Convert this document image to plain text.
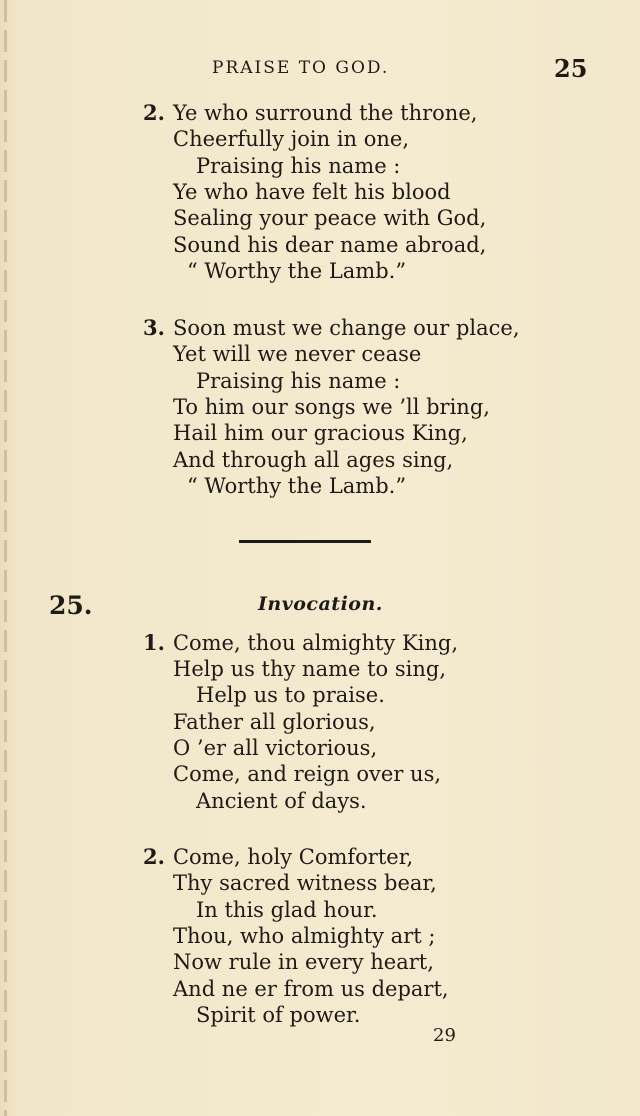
PRAISE TO GOD.	25
2. Ye who surround the throne,
Cheerfully join in one,
Praising his name :
Ye who have felt his blood
Sealing your peace with God,
Sound his dear name abroad,
“ Worthy the Lamb.”
3. Soon must we change our place,
Yet will we never cease
Praising his name :
To him our songs we ’ll bring,
Hail him our gracious King,
And through all ages sing,
“ Worthy the Lamb.”
25.	Invocation.
1. Come, thou almighty King,
Help us thy name to sing,
Help us to praise.
Father all glorious,
O ’er all victorious,
Come, and reign over us,
Ancient of days.
2. Come, holy Comforter,
Thy sacred witness bear,
In this glad hour.
Thou, who almighty art ;
Now rule in every heart,
And ne er from us depart,
Spirit of power.
29
